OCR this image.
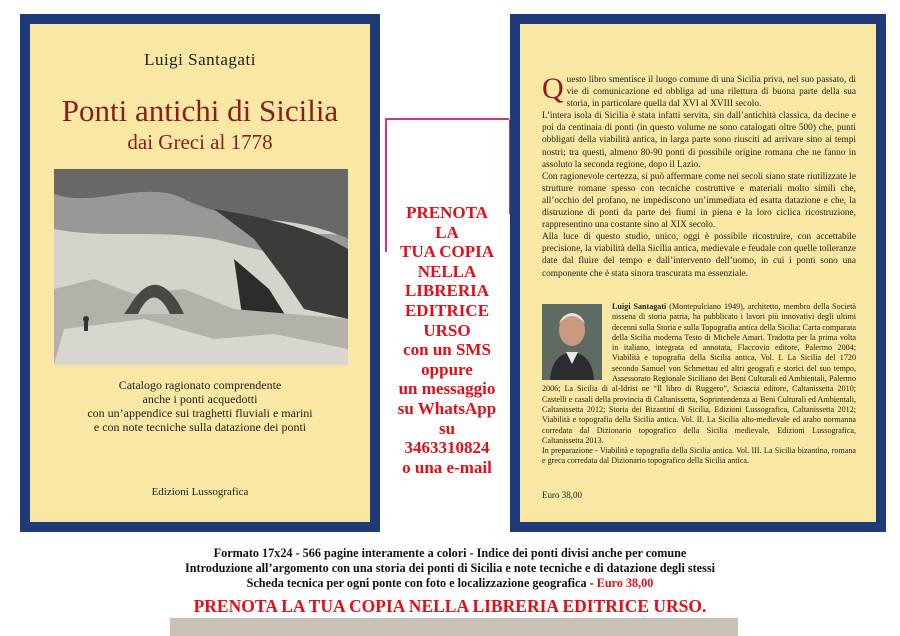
Luigi Santagati
Ponti antichi di Sicilia
dai Greci al 1778
Catalogo ragionato comprendente
anche i ponti acquedotti
con un’appendice sui traghetti fluviali e marini
e con note tecniche sulla datazione dei ponti
Edizioni Lussografica
PRENOTA
LA
TUA COPIA
NELLA
LIBRERIA
EDITRICE
URSO
con un SMS
oppure
un messaggio
su WhatsApp
su
3463310824
o una e-mail

Questo libro smentisce il luogo comune di una Sicilia priva, nel suo passato, di vie di comunicazione ed obbliga ad una rilettura di buona parte della sua storia, in particolare quella dal XVI al XVIII secolo.

L’intera isola di Sicilia è stata infatti servita, sin dall’antichità classica, da decine e poi da centinaia di ponti (in questo volume ne sono catalogati oltre 500) che, punti obbligati della viabilità antica, in larga parte sono riusciti ad arrivare sino ai tempi nostri; tra questi, almeno 80-90 ponti di possibile origine romana che ne fanno in assoluto la seconda regione, dopo il Lazio.

Con ragionevole certezza, si può affermare come nei secoli siano state riutilizzate le strutture romane spesso con tecniche costruttive e materiali molto simili che, all’occhio del profano, ne impediscono un’immediata ed esatta datazione e che, la distruzione di ponti da parte dei fiumi in piena e la loro ciclica ricostruzione, rappresentino una costante sino al XIX secolo.

Alla luce di questo studio, unico, oggi è possibile ricostruire, con accettabile precisione, la viabilità della Sicilia antica, medievale e feudale con quelle tolleranze date dal fluire del tempo e dall’intervento dell’uomo, in cui i ponti sono una componente che è stata sinora trascurata ma essenziale.

Luigi Santagati (Montepulciano 1949), architetto, membro della Società nissena di storia patria, ha pubblicato i lavori più innovativi degli ultimi decenni sulla Storia e sulla Topografia antica della Sicilia: Carta comparata della Sicilia moderna Testo di Michele Amari. Tradotta per la prima volta in italiano, integrata ed annotata, Flaccovio editore, Palermo 2004; Viabilità e topografia della Sicilia antica, Vol. I. La Sicilia del 1720 secondo Samuel von Schmettau ed altri geografi e storici del suo tempo, Assessorato Regionale Siciliano dei Beni Culturali ed Ambientali, Palermo 2006; La Sicilia di al-Idrisi ne “Il libro di Ruggero”, Sciascia editore, Caltanissetta 2010; Castelli e casali della provincia di Caltanissetta, Soprintendenza ai Beni Culturali ed Ambientali, Caltanissetta 2012; Storia dei Bizantini di Sicilia, Edizioni Lussografica, Caltanissetta 2012; Viabilità e topografia della Sicilia antica. Vol. II. La Sicilia alto-medievale ed arabo normanna corredata dal Dizionario topografico della Sicilia medievale, Edizioni Lussografica, Caltanissetta 2013.
In preparazione - Viabilità e topografia della Sicilia antica. Vol. III. La Sicilia bizantina, romana e greca corredata dal Dizionario topografico della Sicilia antica.
Euro 38,00
Formato 17x24 - 566 pagine interamente a colori - Indice dei ponti divisi anche per comune
Introduzione all’argomento con una storia dei ponti di Sicilia e note tecniche e di datazione degli stessi
Scheda tecnica per ogni ponte con foto e localizzazione geografica - Euro 38,00
PRENOTA LA TUA COPIA NELLA LIBRERIA EDITRICE URSO.
